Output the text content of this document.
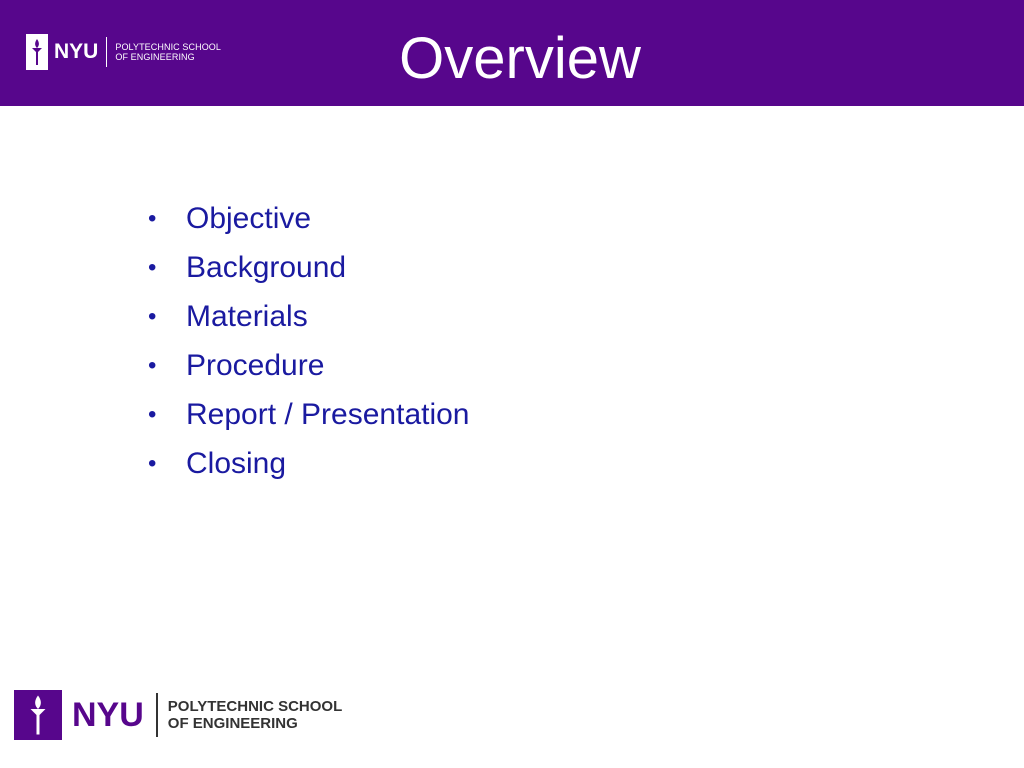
NYU POLYTECHNIC SCHOOL
OF ENGINEERING	Overview
• Objective
• Background
• Materials
• Procedure
• Report / Presentation
• Closing
NYU POLYTECHNIC SCHOOL
OF ENGINEERING
